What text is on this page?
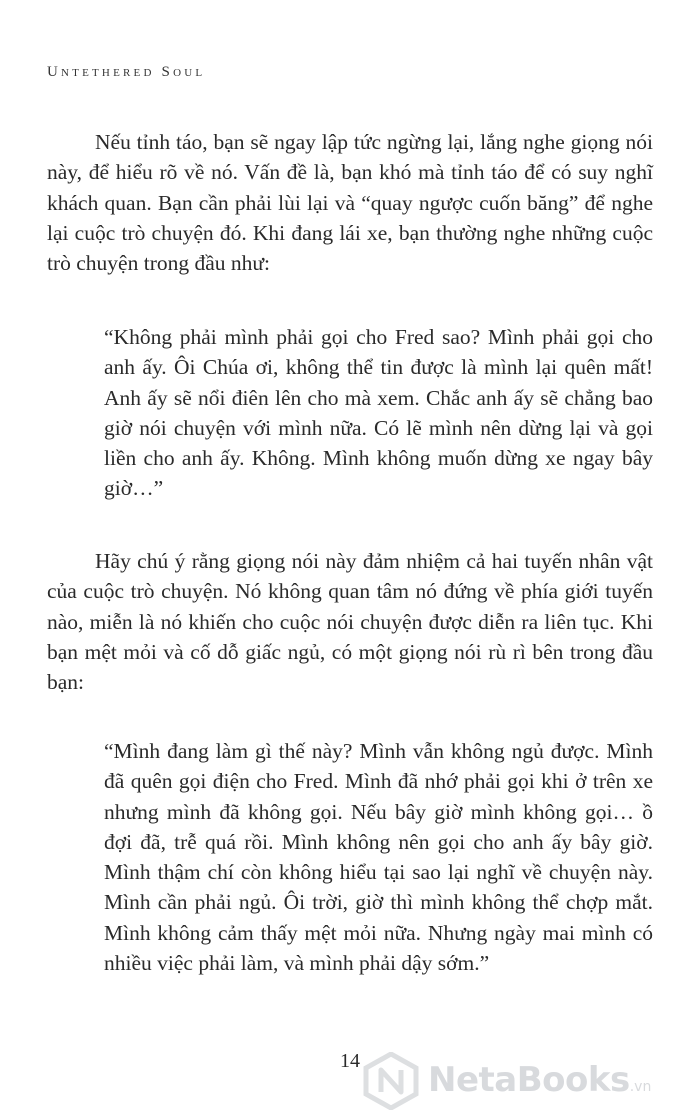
Untethered Soul

Nếu tỉnh táo, bạn sẽ ngay lập tức ngừng lại, lắng nghe giọng nói này, để hiểu rõ về nó. Vấn đề là, bạn khó mà tỉnh táo để có suy nghĩ khách quan. Bạn cần phải lùi lại và “quay ngược cuốn băng” để nghe lại cuộc trò chuyện đó. Khi đang lái xe, bạn thường nghe những cuộc trò chuyện trong đầu như:

“Không phải mình phải gọi cho Fred sao? Mình phải gọi cho anh ấy. Ôi Chúa ơi, không thể tin được là mình lại quên mất! Anh ấy sẽ nổi điên lên cho mà xem. Chắc anh ấy sẽ chẳng bao giờ nói chuyện với mình nữa. Có lẽ mình nên dừng lại và gọi liền cho anh ấy. Không. Mình không muốn dừng xe ngay bây giờ…”

Hãy chú ý rằng giọng nói này đảm nhiệm cả hai tuyến nhân vật của cuộc trò chuyện. Nó không quan tâm nó đứng về phía giới tuyến nào, miễn là nó khiến cho cuộc nói chuyện được diễn ra liên tục. Khi bạn mệt mỏi và cố dỗ giấc ngủ, có một giọng nói rù rì bên trong đầu bạn:

“Mình đang làm gì thế này? Mình vẫn không ngủ được. Mình đã quên gọi điện cho Fred. Mình đã nhớ phải gọi khi ở trên xe nhưng mình đã không gọi. Nếu bây giờ mình không gọi… ồ đợi đã, trễ quá rồi. Mình không nên gọi cho anh ấy bây giờ. Mình thậm chí còn không hiểu tại sao lại nghĩ về chuyện này. Mình cần phải ngủ. Ôi trời, giờ thì mình không thể chợp mắt. Mình không cảm thấy mệt mỏi nữa. Nhưng ngày mai mình có nhiều việc phải làm, và mình phải dậy sớm.”

14	NetaBooks.vn
